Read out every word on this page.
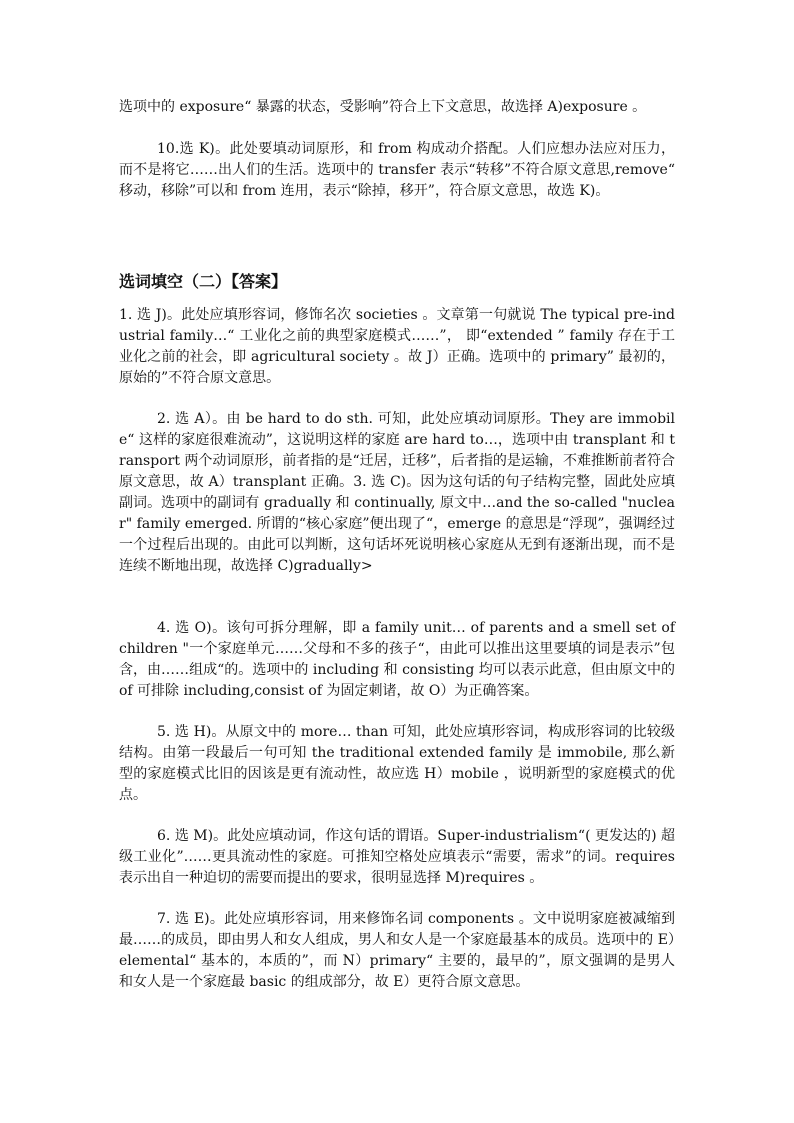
选项中的 exposure“ 暴露的状态，受影响”符合上下文意思，故选择 A)exposure 。

10.选 K)。此处要填动词原形，和 from 构成动介搭配。人们应想办法应对压力，而不是将它……出人们的生活。选项中的 transfer 表示“转移”不符合原文意思,remove“ 移动，移除”可以和 from 连用，表示“除掉，移开”，符合原文意思，故选 K)。

选词填空（二）【答案】

1. 选 J)。此处应填形容词，修饰名次 societies 。文章第一句就说 The typical pre-industrial family…“ 工业化之前的典型家庭模式……”， 即“extended ” family 存在于工业化之前的社会，即 agricultural society 。故 J）正确。选项中的 primary” 最初的，原始的”不符合原文意思。

2. 选 A）。由 be hard to do sth. 可知，此处应填动词原形。They are immobile“ 这样的家庭很难流动”，这说明这样的家庭 are hard to…，选项中由 transplant 和 transport 两个动词原形，前者指的是“迁居，迁移”，后者指的是运输，不难推断前者符合原文意思，故 A）transplant 正确。3. 选 C)。因为这句话的句子结构完整，固此处应填副词。选项中的副词有 gradually 和 continually, 原文中…and the so-called "nuclear" family emerged. 所谓的“核心家庭”便出现了“，emerge 的意思是“浮现”，强调经过一个过程后出现的。由此可以判断，这句话坏死说明核心家庭从无到有逐渐出现，而不是连续不断地出现，故选择 C)gradually>

4. 选 O)。该句可拆分理解，即 a family unit… of parents and a smell set of children "一个家庭单元……父母和不多的孩子“，由此可以推出这里要填的词是表示”包含，由……组成“的。选项中的 including 和 consisting 均可以表示此意，但由原文中的 of 可排除 including,consist of 为固定刺诸，故 O）为正确答案。

5. 选 H)。从原文中的 more… than 可知，此处应填形容词，构成形容词的比较级结构。由第一段最后一句可知 the traditional extended family 是 immobile, 那么新型的家庭模式比旧的因该是更有流动性，故应选 H）mobile ，说明新型的家庭模式的优点。

6. 选 M)。此处应填动词，作这句话的谓语。Super-industrialism“( 更发达的) 超级工业化”……更具流动性的家庭。可推知空格处应填表示“需要，需求”的词。requires 表示出自一种迫切的需要而提出的要求，很明显选择 M)requires 。

7. 选 E)。此处应填形容词，用来修饰名词 components 。文中说明家庭被减缩到最……的成员，即由男人和女人组成，男人和女人是一个家庭最基本的成员。选项中的 E）elemental“ 基本的，本质的”，而 N）primary“ 主要的，最早的”，原文强调的是男人和女人是一个家庭最 basic 的组成部分，故 E）更符合原文意思。
